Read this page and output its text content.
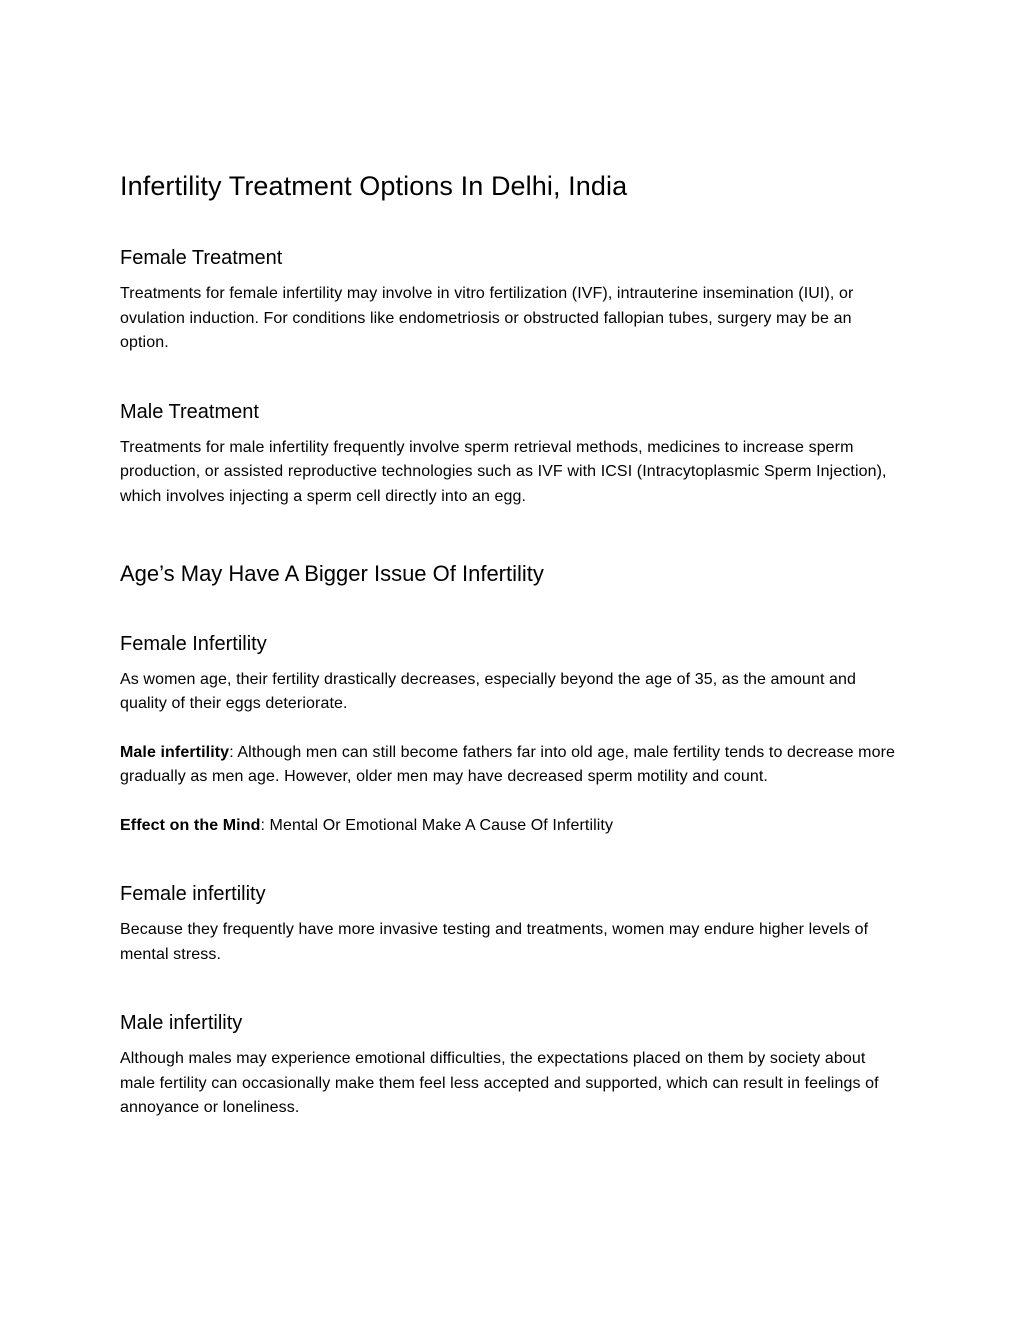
Infertility Treatment Options In Delhi, India
Female Treatment

Treatments for female infertility may involve in vitro fertilization (IVF), intrauterine insemination (IUI), or ovulation induction. For conditions like endometriosis or obstructed fallopian tubes, surgery may be an option.

Male Treatment

Treatments for male infertility frequently involve sperm retrieval methods, medicines to increase sperm production, or assisted reproductive technologies such as IVF with ICSI (Intracytoplasmic Sperm Injection), which involves injecting a sperm cell directly into an egg.

Age’s May Have A Bigger Issue Of Infertility
Female Infertility

As women age, their fertility drastically decreases, especially beyond the age of 35, as the amount and quality of their eggs deteriorate.

Male infertility: Although men can still become fathers far into old age, male fertility tends to decrease more gradually as men age. However, older men may have decreased sperm motility and count.

Effect on the Mind: Mental Or Emotional Make A Cause Of Infertility

Female infertility

Because they frequently have more invasive testing and treatments, women may endure higher levels of mental stress.

Male infertility

Although males may experience emotional difficulties, the expectations placed on them by society about male fertility can occasionally make them feel less accepted and supported, which can result in feelings of annoyance or loneliness.
